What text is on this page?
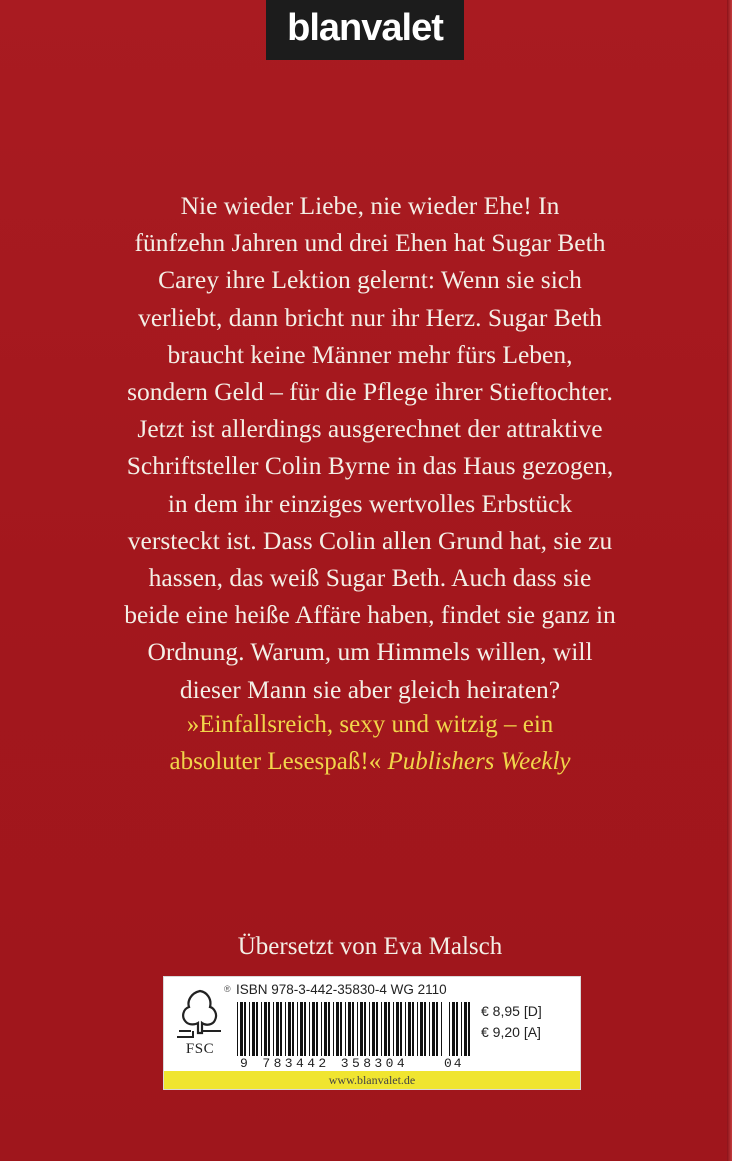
blanvalet
Nie wieder Liebe, nie wieder Ehe! In
fünfzehn Jahren und drei Ehen hat Sugar Beth
Carey ihre Lektion gelernt: Wenn sie sich
verliebt, dann bricht nur ihr Herz. Sugar Beth
braucht keine Männer mehr fürs Leben,
sondern Geld – für die Pflege ihrer Stieftochter.
Jetzt ist allerdings ausgerechnet der attraktive
Schriftsteller Colin Byrne in das Haus gezogen,
in dem ihr einziges wertvolles Erbstück
versteckt ist. Dass Colin allen Grund hat, sie zu
hassen, das weiß Sugar Beth. Auch dass sie
beide eine heiße Affäre haben, findet sie ganz in
Ordnung. Warum, um Himmels willen, will
dieser Mann sie aber gleich heiraten?
»Einfallsreich, sexy und witzig – ein
absoluter Lesespaß!« Publishers Weekly
Übersetzt von Eva Malsch
FSC
® ISBN 978-3-442-35830-4 WG 2110
9 783442 358304	04
€ 8,95 [D]
€ 9,20 [A]
www.blanvalet.de
